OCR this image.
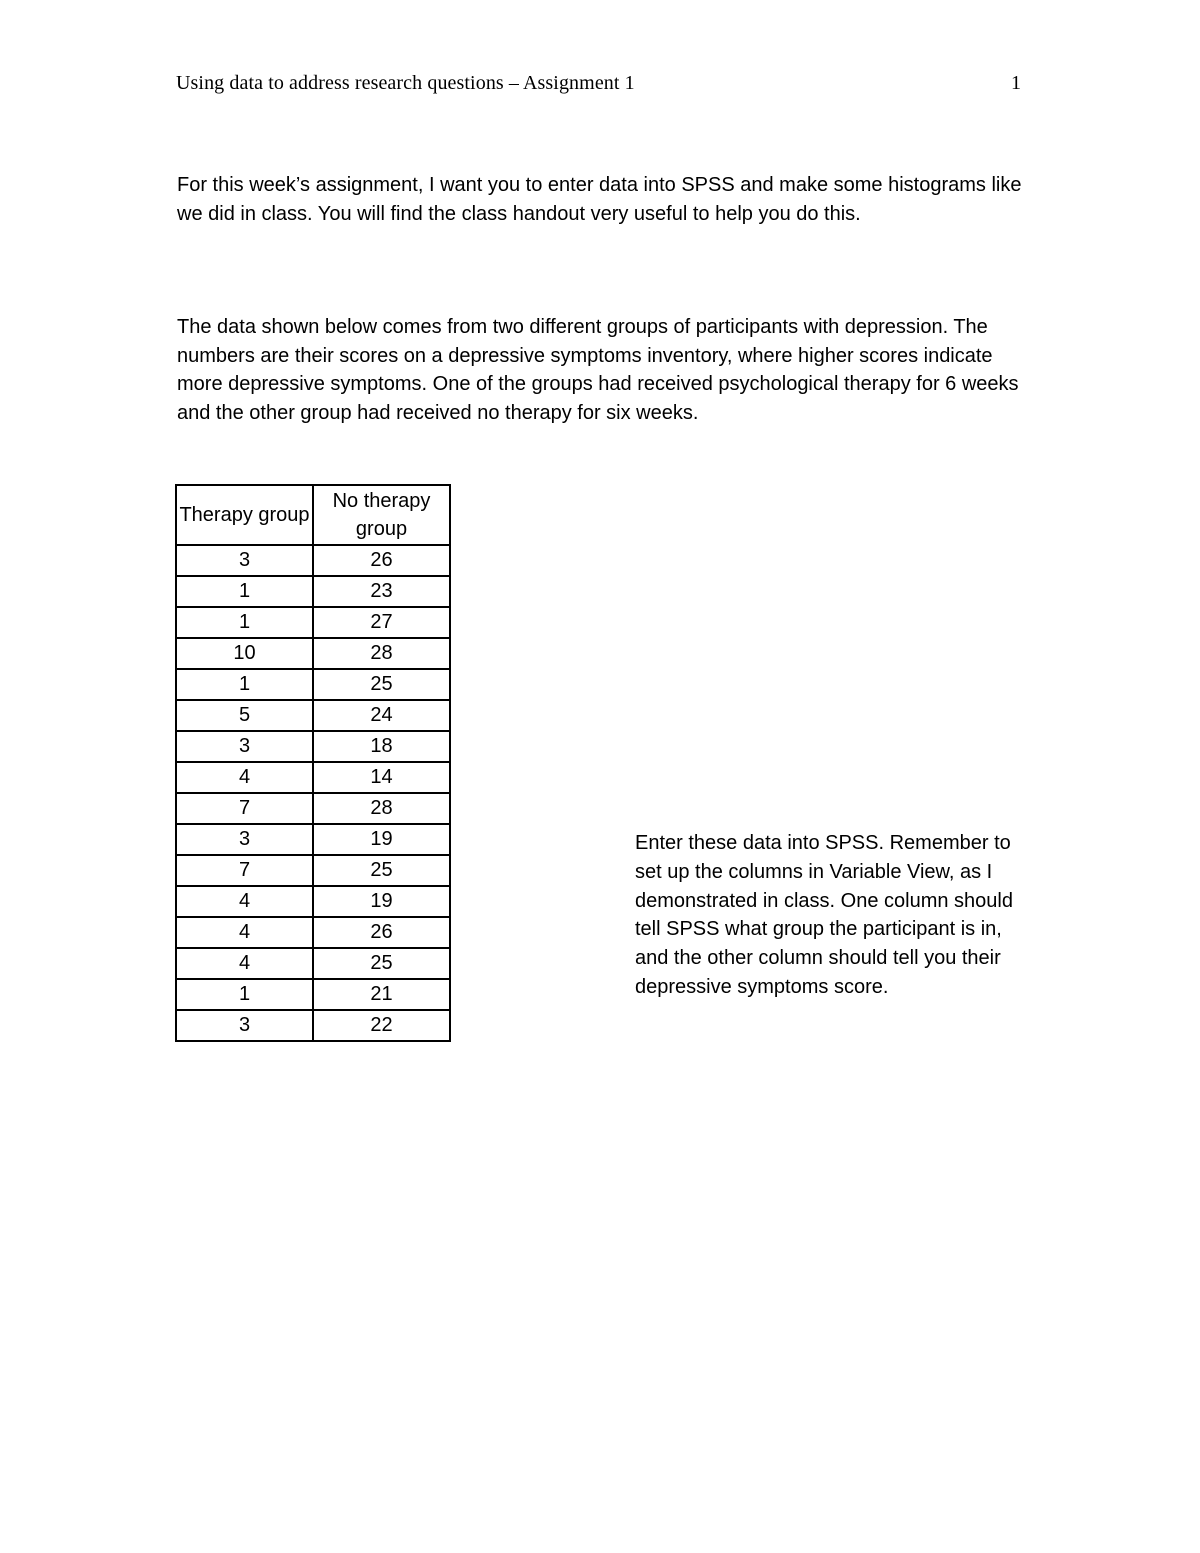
Using data to address research questions – Assignment 1	1

For this week’s assignment, I want you to enter data into SPSS and make some histograms like we did in class. You will find the class handout very useful to help you do this.

The data shown below comes from two different groups of participants with depression. The numbers are their scores on a depressive symptoms inventory, where higher scores indicate more depressive symptoms. One of the groups had received psychological therapy for 6 weeks and the other group had received no therapy for six weeks.

Therapy group	No therapy group
3	26
1	23
1	27
10	28
1	25
5	24
3	18
4	14
7	28
3	19
7	25
4	19
4	26
4	25
1	21
3	22

Enter these data into SPSS. Remember to set up the columns in Variable View, as I demonstrated in class. One column should tell SPSS what group the participant is in, and the other column should tell you their depressive symptoms score.
